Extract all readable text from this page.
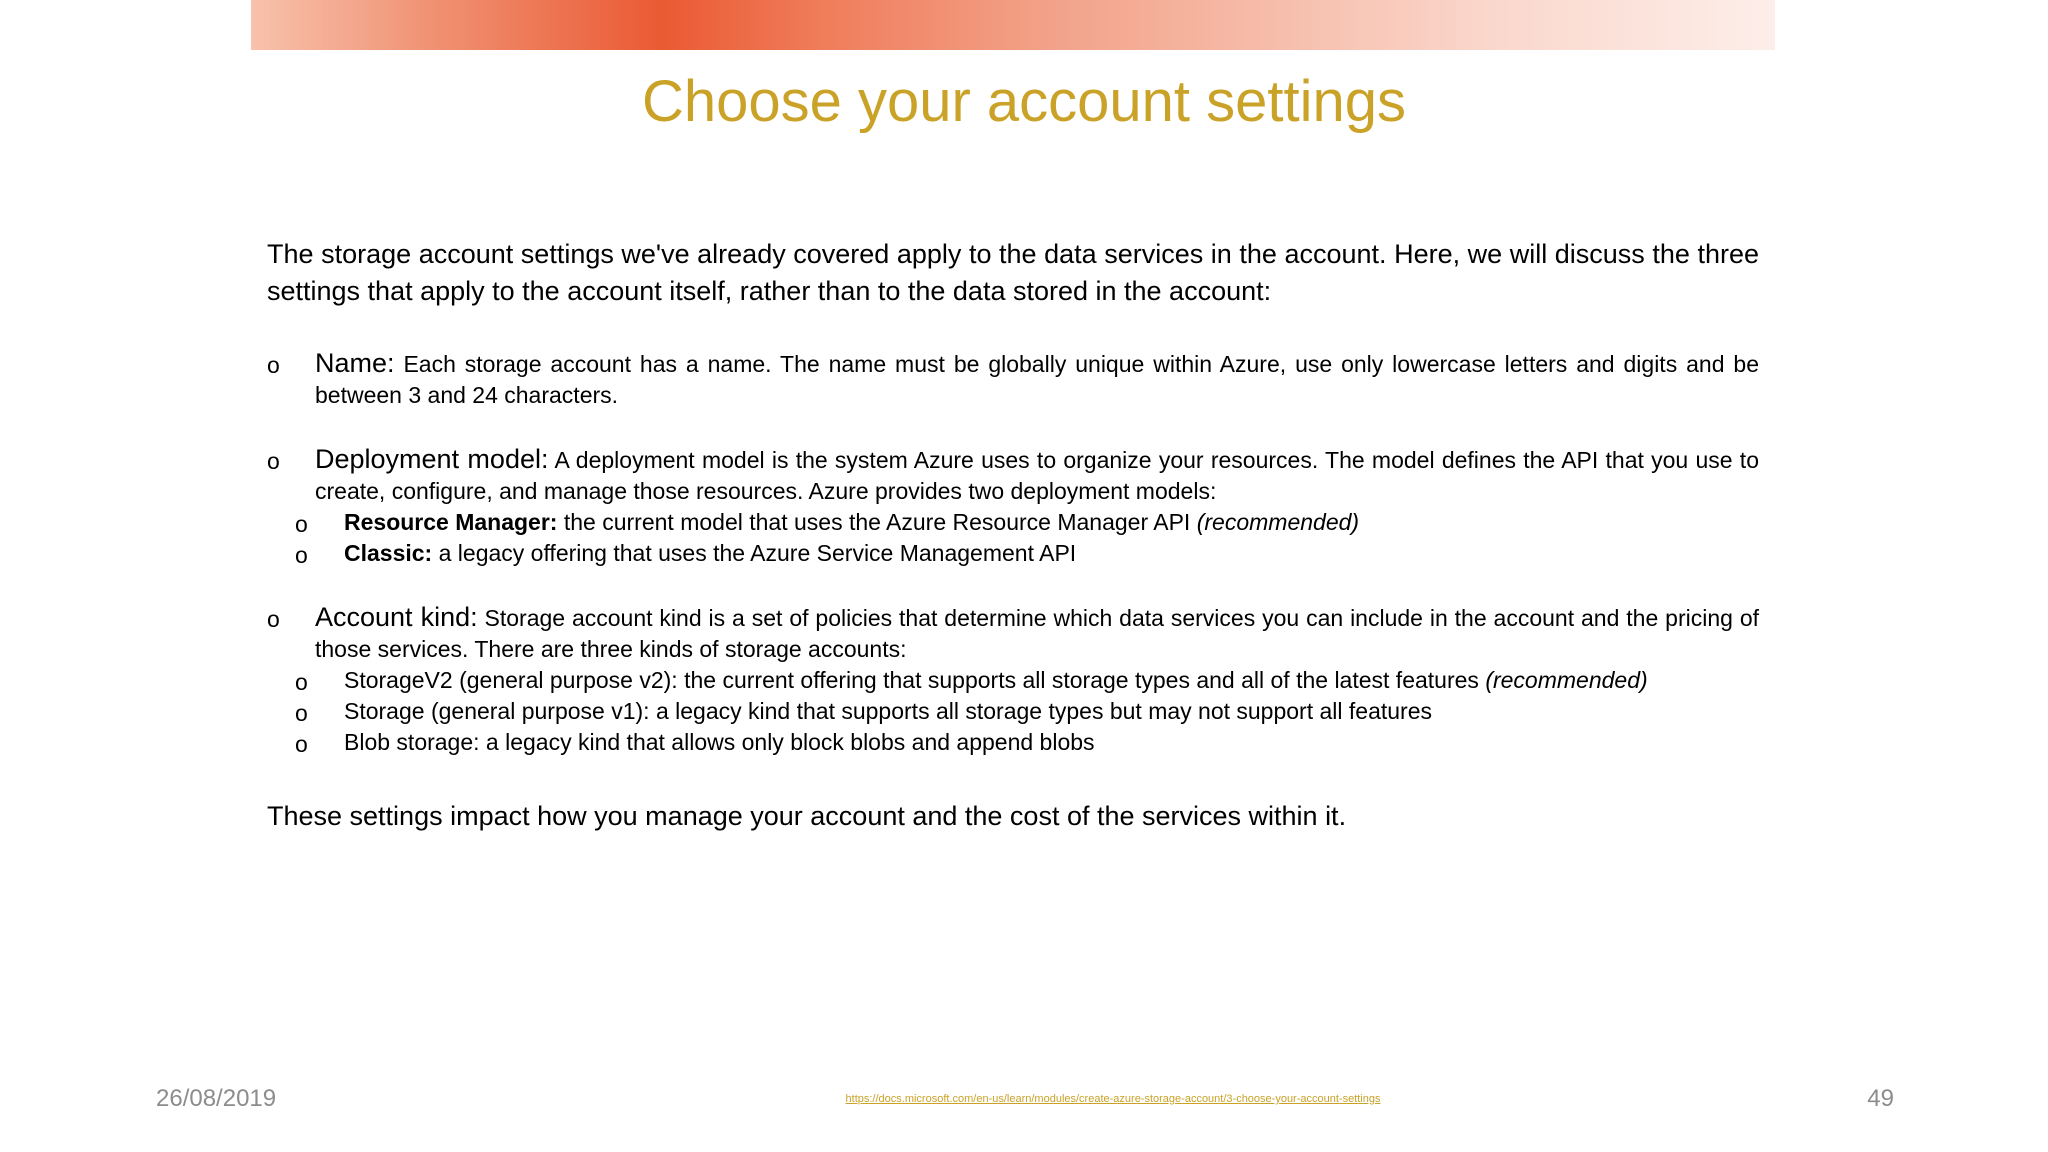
Choose your account settings

The storage account settings we've already covered apply to the data services in the account. Here, we will discuss the three settings that apply to the account itself, rather than to the data stored in the account:

o Name: Each storage account has a name. The name must be globally unique within Azure, use only lowercase letters and digits and be between 3 and 24 characters.
o Deployment model: A deployment model is the system Azure uses to organize your resources. The model defines the API that you use to create, configure, and manage those resources. Azure provides two deployment models:
o Resource Manager: the current model that uses the Azure Resource Manager API (recommended)
o Classic: a legacy offering that uses the Azure Service Management API
o Account kind: Storage account kind is a set of policies that determine which data services you can include in the account and the pricing of those services. There are three kinds of storage accounts:
o StorageV2 (general purpose v2): the current offering that supports all storage types and all of the latest features (recommended)
o Storage (general purpose v1): a legacy kind that supports all storage types but may not support all features
o Blob storage: a legacy kind that allows only block blobs and append blobs

These settings impact how you manage your account and the cost of the services within it.

26/08/2019	https://docs.microsoft.com/en-us/learn/modules/create-azure-storage-account/3-choose-your-account-settings	49
